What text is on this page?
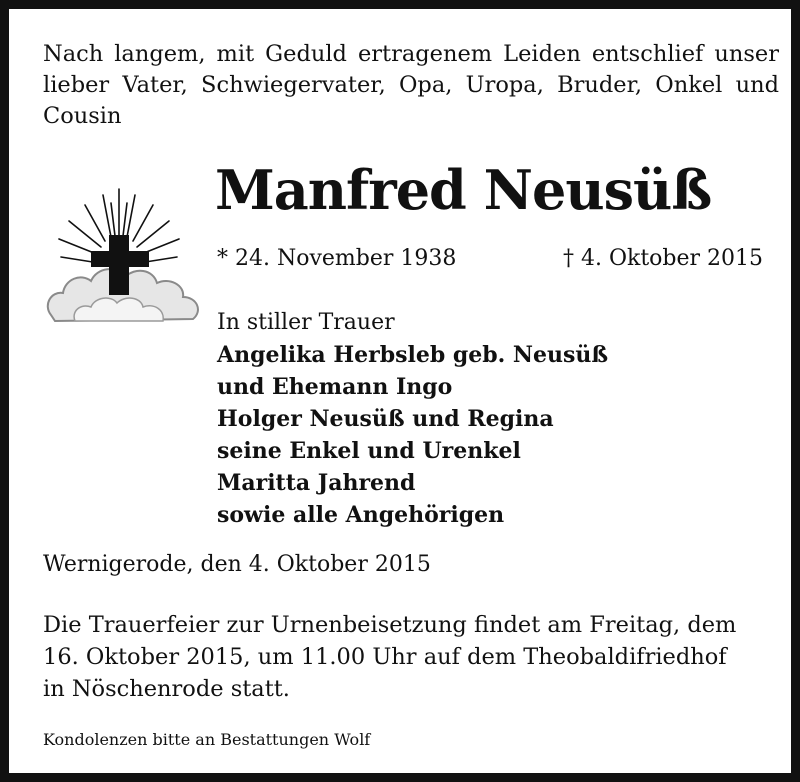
Nach langem, mit Geduld ertragenem Leiden entschlief unser lieber Vater, Schwiegervater, Opa, Uropa, Bruder, Onkel und Cousin

Manfred Neusüß
* 24. November 1938	† 4. Oktober 2015
In stiller Trauer
Angelika Herbsleb geb. Neusüß
und Ehemann Ingo
Holger Neusüß und Regina
seine Enkel und Urenkel
Maritta Jahrend
sowie alle Angehörigen
Wernigerode, den 4. Oktober 2015
Die Trauerfeier zur Urnenbeisetzung findet am Freitag, dem
16. Oktober 2015, um 11.00 Uhr auf dem Theobaldifriedhof
in Nöschenrode statt.
Kondolenzen bitte an Bestattungen Wolf
